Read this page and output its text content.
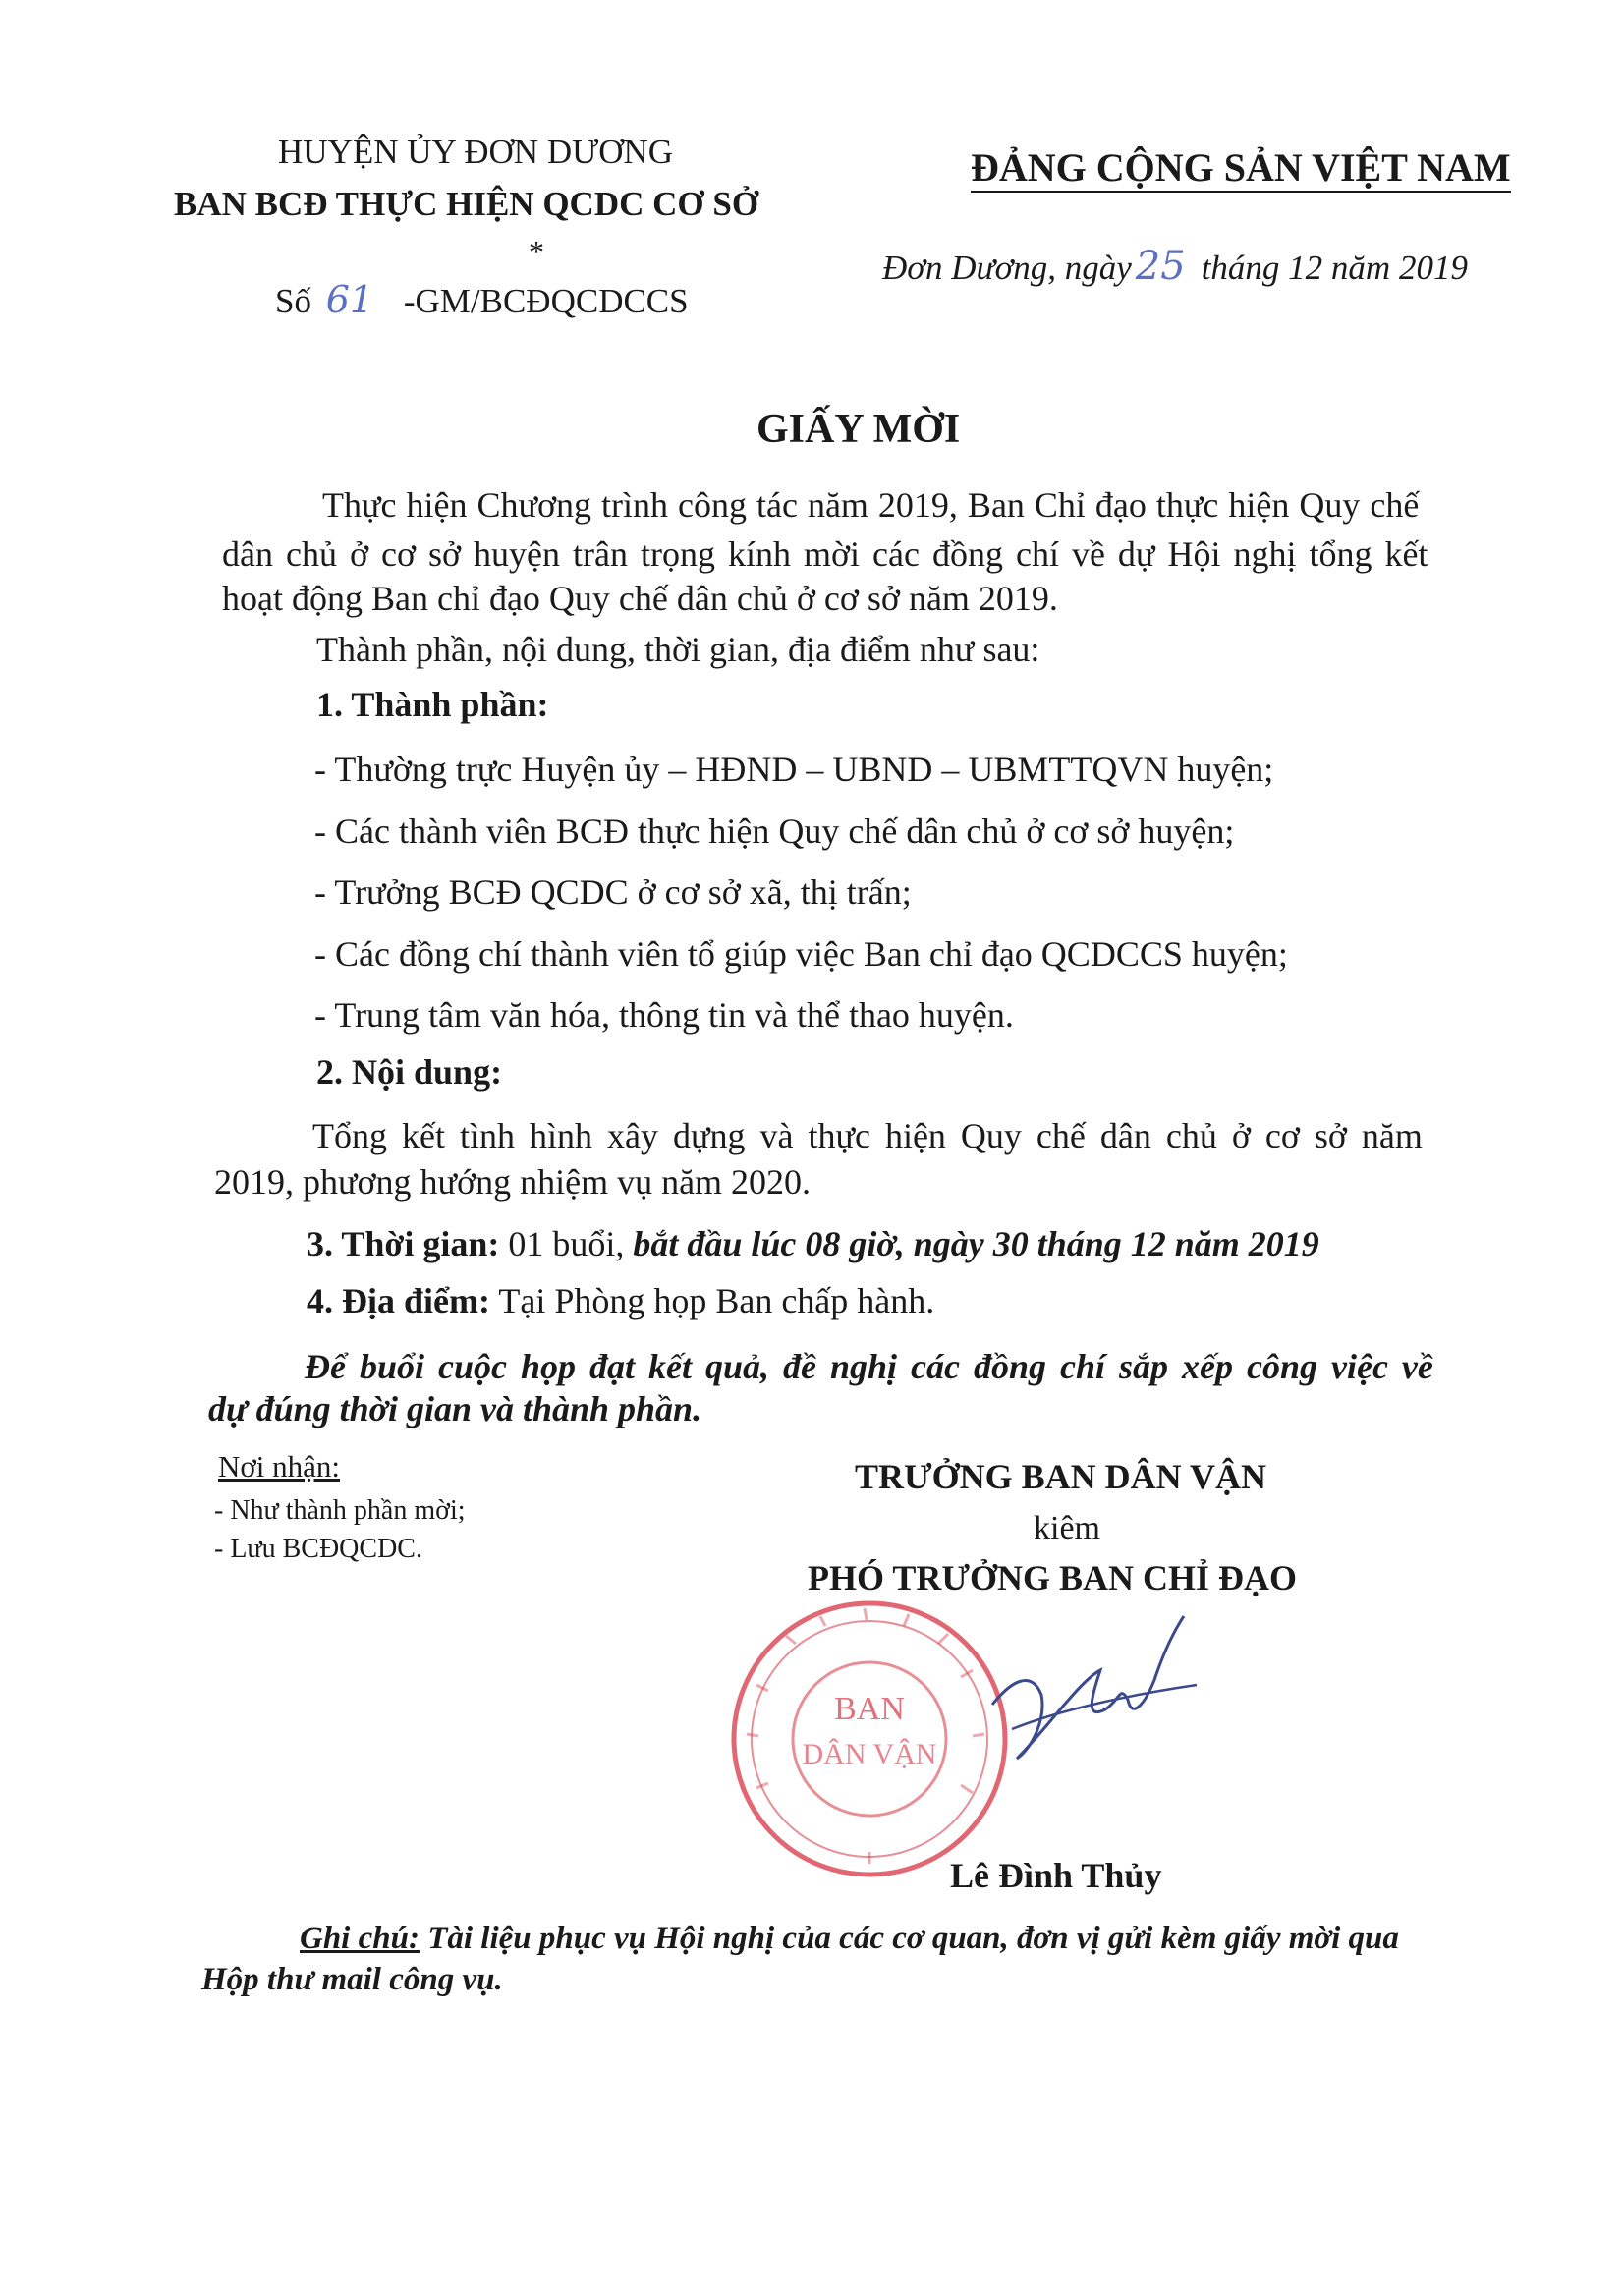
HUYỆN ỦY ĐƠN DƯƠNG
BAN BCĐ THỰC HIỆN QCDC CƠ SỞ
*
Số 61 -GM/BCĐQCDCCS
ĐẢNG CỘNG SẢN VIỆT NAM
Đơn Dương, ngày 25 tháng 12 năm 2019
GIẤY MỜI
Thực hiện Chương trình công tác năm 2019, Ban Chỉ đạo thực hiện Quy chế
dân chủ ở cơ sở huyện trân trọng kính mời các đồng chí về dự Hội nghị tổng kết
hoạt động Ban chỉ đạo Quy chế dân chủ ở cơ sở năm 2019.
Thành phần, nội dung, thời gian, địa điểm như sau:
1. Thành phần:
- Thường trực Huyện ủy – HĐND – UBND – UBMTTQVN huyện;
- Các thành viên BCĐ thực hiện Quy chế dân chủ ở cơ sở huyện;
- Trưởng BCĐ QCDC ở cơ sở xã, thị trấn;
- Các đồng chí thành viên tổ giúp việc Ban chỉ đạo QCDCCS huyện;
- Trung tâm văn hóa, thông tin và thể thao huyện.
2. Nội dung:
Tổng kết tình hình xây dựng và thực hiện Quy chế dân chủ ở cơ sở năm
2019, phương hướng nhiệm vụ năm 2020.
3. Thời gian: 01 buổi, bắt đầu lúc 08 giờ, ngày 30 tháng 12 năm 2019
4. Địa điểm: Tại Phòng họp Ban chấp hành.
Để buổi cuộc họp đạt kết quả, đề nghị các đồng chí sắp xếp công việc về
dự đúng thời gian và thành phần.
Nơi nhận:
- Như thành phần mời;
- Lưu BCĐQCDC.
TRƯỞNG BAN DÂN VẬN
kiêm
PHÓ TRƯỞNG BAN CHỈ ĐẠO
BAN
DÂN VẬN
Lê Đình Thủy
Ghi chú: Tài liệu phục vụ Hội nghị của các cơ quan, đơn vị gửi kèm giấy mời qua
Hộp thư mail công vụ.
